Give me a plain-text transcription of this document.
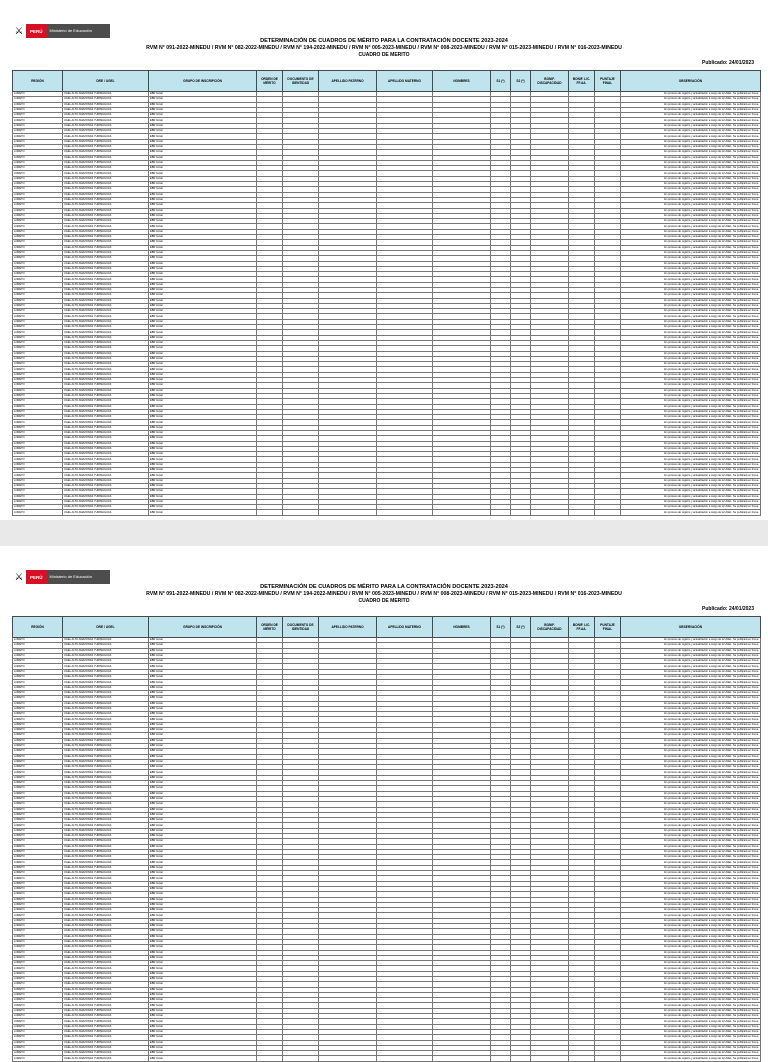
⚔	PERÚ	Ministerio de Educación
DETERMINACIÓN DE CUADROS DE MÉRITO PARA LA CONTRATACIÓN DOCENTE 2023-2024
RVM N° 091-2022-MINEDU / RVM N° 082-2022-MINEDU / RVM N° 194-2022-MINEDU / RVM N° 005-2023-MINEDU / RVM N° 008-2023-MINEDU / RVM N° 015-2023-MINEDU / RVM N° 016-2023-MINEDU
CUADRO DE MERITO
Publicado: 24/01/2023
REGIÓN	DRE / UGEL	GRUPO DE INSCRIPCIÓN	ORDEN DE MÉRITO	DOCUMENTO DE IDENTIDAD	APELLIDO PATERNO	APELLIDO MATERNO	NOMBRES	S1 (*)	S2 (*)	BONIF. DISCAPACIDAD	BONIF. LIC. FF.AA.	PUNTAJE FINAL	OBSERVACIÓN
LORETO	UGEL ALTO AMAZONAS YURIMAGUAS	EBR Inicial											En proceso de registro y actualización a cargo de la UGEL. Se publicará en breve.
LORETO	UGEL ALTO AMAZONAS YURIMAGUAS	EBR Inicial											En proceso de registro y actualización a cargo de la UGEL. Se publicará en breve.
LORETO	UGEL ALTO AMAZONAS YURIMAGUAS	EBR Inicial											En proceso de registro y actualización a cargo de la UGEL. Se publicará en breve.
LORETO	UGEL ALTO AMAZONAS YURIMAGUAS	EBR Inicial											En proceso de registro y actualización a cargo de la UGEL. Se publicará en breve.
LORETO	UGEL ALTO AMAZONAS YURIMAGUAS	EBR Inicial											En proceso de registro y actualización a cargo de la UGEL. Se publicará en breve.
LORETO	UGEL ALTO AMAZONAS YURIMAGUAS	EBR Inicial											En proceso de registro y actualización a cargo de la UGEL. Se publicará en breve.
LORETO	UGEL ALTO AMAZONAS YURIMAGUAS	EBR Inicial											En proceso de registro y actualización a cargo de la UGEL. Se publicará en breve.
LORETO	UGEL ALTO AMAZONAS YURIMAGUAS	EBR Inicial											En proceso de registro y actualización a cargo de la UGEL. Se publicará en breve.
LORETO	UGEL ALTO AMAZONAS YURIMAGUAS	EBR Inicial											En proceso de registro y actualización a cargo de la UGEL. Se publicará en breve.
LORETO	UGEL ALTO AMAZONAS YURIMAGUAS	EBR Inicial											En proceso de registro y actualización a cargo de la UGEL. Se publicará en breve.
LORETO	UGEL ALTO AMAZONAS YURIMAGUAS	EBR Inicial											En proceso de registro y actualización a cargo de la UGEL. Se publicará en breve.
LORETO	UGEL ALTO AMAZONAS YURIMAGUAS	EBR Inicial											En proceso de registro y actualización a cargo de la UGEL. Se publicará en breve.
LORETO	UGEL ALTO AMAZONAS YURIMAGUAS	EBR Inicial											En proceso de registro y actualización a cargo de la UGEL. Se publicará en breve.
LORETO	UGEL ALTO AMAZONAS YURIMAGUAS	EBR Inicial											En proceso de registro y actualización a cargo de la UGEL. Se publicará en breve.
LORETO	UGEL ALTO AMAZONAS YURIMAGUAS	EBR Inicial											En proceso de registro y actualización a cargo de la UGEL. Se publicará en breve.
LORETO	UGEL ALTO AMAZONAS YURIMAGUAS	EBR Inicial											En proceso de registro y actualización a cargo de la UGEL. Se publicará en breve.
LORETO	UGEL ALTO AMAZONAS YURIMAGUAS	EBR Inicial											En proceso de registro y actualización a cargo de la UGEL. Se publicará en breve.
LORETO	UGEL ALTO AMAZONAS YURIMAGUAS	EBR Inicial											En proceso de registro y actualización a cargo de la UGEL. Se publicará en breve.
LORETO	UGEL ALTO AMAZONAS YURIMAGUAS	EBR Inicial											En proceso de registro y actualización a cargo de la UGEL. Se publicará en breve.
LORETO	UGEL ALTO AMAZONAS YURIMAGUAS	EBR Inicial											En proceso de registro y actualización a cargo de la UGEL. Se publicará en breve.
LORETO	UGEL ALTO AMAZONAS YURIMAGUAS	EBR Inicial											En proceso de registro y actualización a cargo de la UGEL. Se publicará en breve.
LORETO	UGEL ALTO AMAZONAS YURIMAGUAS	EBR Inicial											En proceso de registro y actualización a cargo de la UGEL. Se publicará en breve.
LORETO	UGEL ALTO AMAZONAS YURIMAGUAS	EBR Inicial											En proceso de registro y actualización a cargo de la UGEL. Se publicará en breve.
LORETO	UGEL ALTO AMAZONAS YURIMAGUAS	EBR Inicial											En proceso de registro y actualización a cargo de la UGEL. Se publicará en breve.
LORETO	UGEL ALTO AMAZONAS YURIMAGUAS	EBR Inicial											En proceso de registro y actualización a cargo de la UGEL. Se publicará en breve.
LORETO	UGEL ALTO AMAZONAS YURIMAGUAS	EBR Inicial											En proceso de registro y actualización a cargo de la UGEL. Se publicará en breve.
LORETO	UGEL ALTO AMAZONAS YURIMAGUAS	EBR Inicial											En proceso de registro y actualización a cargo de la UGEL. Se publicará en breve.
LORETO	UGEL ALTO AMAZONAS YURIMAGUAS	EBR Inicial											En proceso de registro y actualización a cargo de la UGEL. Se publicará en breve.
LORETO	UGEL ALTO AMAZONAS YURIMAGUAS	EBR Inicial											En proceso de registro y actualización a cargo de la UGEL. Se publicará en breve.
LORETO	UGEL ALTO AMAZONAS YURIMAGUAS	EBR Inicial											En proceso de registro y actualización a cargo de la UGEL. Se publicará en breve.
LORETO	UGEL ALTO AMAZONAS YURIMAGUAS	EBR Inicial											En proceso de registro y actualización a cargo de la UGEL. Se publicará en breve.
LORETO	UGEL ALTO AMAZONAS YURIMAGUAS	EBR Inicial											En proceso de registro y actualización a cargo de la UGEL. Se publicará en breve.
LORETO	UGEL ALTO AMAZONAS YURIMAGUAS	EBR Inicial											En proceso de registro y actualización a cargo de la UGEL. Se publicará en breve.
LORETO	UGEL ALTO AMAZONAS YURIMAGUAS	EBR Inicial											En proceso de registro y actualización a cargo de la UGEL. Se publicará en breve.
LORETO	UGEL ALTO AMAZONAS YURIMAGUAS	EBR Inicial											En proceso de registro y actualización a cargo de la UGEL. Se publicará en breve.
LORETO	UGEL ALTO AMAZONAS YURIMAGUAS	EBR Inicial											En proceso de registro y actualización a cargo de la UGEL. Se publicará en breve.
LORETO	UGEL ALTO AMAZONAS YURIMAGUAS	EBR Inicial											En proceso de registro y actualización a cargo de la UGEL. Se publicará en breve.
LORETO	UGEL ALTO AMAZONAS YURIMAGUAS	EBR Inicial											En proceso de registro y actualización a cargo de la UGEL. Se publicará en breve.
LORETO	UGEL ALTO AMAZONAS YURIMAGUAS	EBR Inicial											En proceso de registro y actualización a cargo de la UGEL. Se publicará en breve.
LORETO	UGEL ALTO AMAZONAS YURIMAGUAS	EBR Inicial											En proceso de registro y actualización a cargo de la UGEL. Se publicará en breve.
LORETO	UGEL ALTO AMAZONAS YURIMAGUAS	EBR Inicial											En proceso de registro y actualización a cargo de la UGEL. Se publicará en breve.
LORETO	UGEL ALTO AMAZONAS YURIMAGUAS	EBR Inicial											En proceso de registro y actualización a cargo de la UGEL. Se publicará en breve.
LORETO	UGEL ALTO AMAZONAS YURIMAGUAS	EBR Inicial											En proceso de registro y actualización a cargo de la UGEL. Se publicará en breve.
LORETO	UGEL ALTO AMAZONAS YURIMAGUAS	EBR Inicial											En proceso de registro y actualización a cargo de la UGEL. Se publicará en breve.
LORETO	UGEL ALTO AMAZONAS YURIMAGUAS	EBR Inicial											En proceso de registro y actualización a cargo de la UGEL. Se publicará en breve.
LORETO	UGEL ALTO AMAZONAS YURIMAGUAS	EBR Inicial											En proceso de registro y actualización a cargo de la UGEL. Se publicará en breve.
LORETO	UGEL ALTO AMAZONAS YURIMAGUAS	EBR Inicial											En proceso de registro y actualización a cargo de la UGEL. Se publicará en breve.
LORETO	UGEL ALTO AMAZONAS YURIMAGUAS	EBR Inicial											En proceso de registro y actualización a cargo de la UGEL. Se publicará en breve.
LORETO	UGEL ALTO AMAZONAS YURIMAGUAS	EBR Inicial											En proceso de registro y actualización a cargo de la UGEL. Se publicará en breve.
LORETO	UGEL ALTO AMAZONAS YURIMAGUAS	EBR Inicial											En proceso de registro y actualización a cargo de la UGEL. Se publicará en breve.
LORETO	UGEL ALTO AMAZONAS YURIMAGUAS	EBR Inicial											En proceso de registro y actualización a cargo de la UGEL. Se publicará en breve.
LORETO	UGEL ALTO AMAZONAS YURIMAGUAS	EBR Inicial											En proceso de registro y actualización a cargo de la UGEL. Se publicará en breve.
LORETO	UGEL ALTO AMAZONAS YURIMAGUAS	EBR Inicial											En proceso de registro y actualización a cargo de la UGEL. Se publicará en breve.
LORETO	UGEL ALTO AMAZONAS YURIMAGUAS	EBR Inicial											En proceso de registro y actualización a cargo de la UGEL. Se publicará en breve.
LORETO	UGEL ALTO AMAZONAS YURIMAGUAS	EBR Inicial											En proceso de registro y actualización a cargo de la UGEL. Se publicará en breve.
LORETO	UGEL ALTO AMAZONAS YURIMAGUAS	EBR Inicial											En proceso de registro y actualización a cargo de la UGEL. Se publicará en breve.
LORETO	UGEL ALTO AMAZONAS YURIMAGUAS	EBR Inicial											En proceso de registro y actualización a cargo de la UGEL. Se publicará en breve.
LORETO	UGEL ALTO AMAZONAS YURIMAGUAS	EBR Inicial											En proceso de registro y actualización a cargo de la UGEL. Se publicará en breve.
LORETO	UGEL ALTO AMAZONAS YURIMAGUAS	EBR Inicial											En proceso de registro y actualización a cargo de la UGEL. Se publicará en breve.
LORETO	UGEL ALTO AMAZONAS YURIMAGUAS	EBR Inicial											En proceso de registro y actualización a cargo de la UGEL. Se publicará en breve.
LORETO	UGEL ALTO AMAZONAS YURIMAGUAS	EBR Inicial											En proceso de registro y actualización a cargo de la UGEL. Se publicará en breve.
LORETO	UGEL ALTO AMAZONAS YURIMAGUAS	EBR Inicial											En proceso de registro y actualización a cargo de la UGEL. Se publicará en breve.
LORETO	UGEL ALTO AMAZONAS YURIMAGUAS	EBR Inicial											En proceso de registro y actualización a cargo de la UGEL. Se publicará en breve.
LORETO	UGEL ALTO AMAZONAS YURIMAGUAS	EBR Inicial											En proceso de registro y actualización a cargo de la UGEL. Se publicará en breve.
LORETO	UGEL ALTO AMAZONAS YURIMAGUAS	EBR Inicial											En proceso de registro y actualización a cargo de la UGEL. Se publicará en breve.
LORETO	UGEL ALTO AMAZONAS YURIMAGUAS	EBR Inicial											En proceso de registro y actualización a cargo de la UGEL. Se publicará en breve.
LORETO	UGEL ALTO AMAZONAS YURIMAGUAS	EBR Inicial											En proceso de registro y actualización a cargo de la UGEL. Se publicará en breve.
LORETO	UGEL ALTO AMAZONAS YURIMAGUAS	EBR Inicial											En proceso de registro y actualización a cargo de la UGEL. Se publicará en breve.
LORETO	UGEL ALTO AMAZONAS YURIMAGUAS	EBR Inicial											En proceso de registro y actualización a cargo de la UGEL. Se publicará en breve.
LORETO	UGEL ALTO AMAZONAS YURIMAGUAS	EBR Inicial											En proceso de registro y actualización a cargo de la UGEL. Se publicará en breve.
LORETO	UGEL ALTO AMAZONAS YURIMAGUAS	EBR Inicial											En proceso de registro y actualización a cargo de la UGEL. Se publicará en breve.
LORETO	UGEL ALTO AMAZONAS YURIMAGUAS	EBR Inicial											En proceso de registro y actualización a cargo de la UGEL. Se publicará en breve.
LORETO	UGEL ALTO AMAZONAS YURIMAGUAS	EBR Inicial											En proceso de registro y actualización a cargo de la UGEL. Se publicará en breve.
LORETO	UGEL ALTO AMAZONAS YURIMAGUAS	EBR Inicial											En proceso de registro y actualización a cargo de la UGEL. Se publicará en breve.
LORETO	UGEL ALTO AMAZONAS YURIMAGUAS	EBR Inicial											En proceso de registro y actualización a cargo de la UGEL. Se publicará en breve.
LORETO	UGEL ALTO AMAZONAS YURIMAGUAS	EBR Inicial											En proceso de registro y actualización a cargo de la UGEL. Se publicará en breve.
LORETO	UGEL ALTO AMAZONAS YURIMAGUAS	EBR Inicial											En proceso de registro y actualización a cargo de la UGEL. Se publicará en breve.
LORETO	UGEL ALTO AMAZONAS YURIMAGUAS	EBR Inicial											En proceso de registro y actualización a cargo de la UGEL. Se publicará en breve.
LORETO	UGEL ALTO AMAZONAS YURIMAGUAS	EBR Inicial											En proceso de registro y actualización a cargo de la UGEL. Se publicará en breve.
LORETO	UGEL ALTO AMAZONAS YURIMAGUAS	EBR Inicial											En proceso de registro y actualización a cargo de la UGEL. Se publicará en breve.

⚔	PERÚ	Ministerio de Educación
DETERMINACIÓN DE CUADROS DE MÉRITO PARA LA CONTRATACIÓN DOCENTE 2023-2024
RVM N° 091-2022-MINEDU / RVM N° 082-2022-MINEDU / RVM N° 194-2022-MINEDU / RVM N° 005-2023-MINEDU / RVM N° 008-2023-MINEDU / RVM N° 015-2023-MINEDU / RVM N° 016-2023-MINEDU
CUADRO DE MERITO
Publicado: 24/01/2023
REGIÓN	DRE / UGEL	GRUPO DE INSCRIPCIÓN	ORDEN DE MÉRITO	DOCUMENTO DE IDENTIDAD	APELLIDO PATERNO	APELLIDO MATERNO	NOMBRES	S1 (*)	S2 (*)	BONIF. DISCAPACIDAD	BONIF. LIC. FF.AA.	PUNTAJE FINAL	OBSERVACIÓN
LORETO	UGEL ALTO AMAZONAS YURIMAGUAS	EBR Inicial											En proceso de registro y actualización a cargo de la UGEL. Se publicará en breve.
LORETO	UGEL ALTO AMAZONAS YURIMAGUAS	EBR Inicial											En proceso de registro y actualización a cargo de la UGEL. Se publicará en breve.
LORETO	UGEL ALTO AMAZONAS YURIMAGUAS	EBR Inicial											En proceso de registro y actualización a cargo de la UGEL. Se publicará en breve.
LORETO	UGEL ALTO AMAZONAS YURIMAGUAS	EBR Inicial											En proceso de registro y actualización a cargo de la UGEL. Se publicará en breve.
LORETO	UGEL ALTO AMAZONAS YURIMAGUAS	EBR Inicial											En proceso de registro y actualización a cargo de la UGEL. Se publicará en breve.
LORETO	UGEL ALTO AMAZONAS YURIMAGUAS	EBR Inicial											En proceso de registro y actualización a cargo de la UGEL. Se publicará en breve.
LORETO	UGEL ALTO AMAZONAS YURIMAGUAS	EBR Inicial											En proceso de registro y actualización a cargo de la UGEL. Se publicará en breve.
LORETO	UGEL ALTO AMAZONAS YURIMAGUAS	EBR Inicial											En proceso de registro y actualización a cargo de la UGEL. Se publicará en breve.
LORETO	UGEL ALTO AMAZONAS YURIMAGUAS	EBR Inicial											En proceso de registro y actualización a cargo de la UGEL. Se publicará en breve.
LORETO	UGEL ALTO AMAZONAS YURIMAGUAS	EBR Inicial											En proceso de registro y actualización a cargo de la UGEL. Se publicará en breve.
LORETO	UGEL ALTO AMAZONAS YURIMAGUAS	EBR Inicial											En proceso de registro y actualización a cargo de la UGEL. Se publicará en breve.
LORETO	UGEL ALTO AMAZONAS YURIMAGUAS	EBR Inicial											En proceso de registro y actualización a cargo de la UGEL. Se publicará en breve.
LORETO	UGEL ALTO AMAZONAS YURIMAGUAS	EBR Inicial											En proceso de registro y actualización a cargo de la UGEL. Se publicará en breve.
LORETO	UGEL ALTO AMAZONAS YURIMAGUAS	EBR Inicial											En proceso de registro y actualización a cargo de la UGEL. Se publicará en breve.
LORETO	UGEL ALTO AMAZONAS YURIMAGUAS	EBR Inicial											En proceso de registro y actualización a cargo de la UGEL. Se publicará en breve.
LORETO	UGEL ALTO AMAZONAS YURIMAGUAS	EBR Inicial											En proceso de registro y actualización a cargo de la UGEL. Se publicará en breve.
LORETO	UGEL ALTO AMAZONAS YURIMAGUAS	EBR Inicial											En proceso de registro y actualización a cargo de la UGEL. Se publicará en breve.
LORETO	UGEL ALTO AMAZONAS YURIMAGUAS	EBR Inicial											En proceso de registro y actualización a cargo de la UGEL. Se publicará en breve.
LORETO	UGEL ALTO AMAZONAS YURIMAGUAS	EBR Inicial											En proceso de registro y actualización a cargo de la UGEL. Se publicará en breve.
LORETO	UGEL ALTO AMAZONAS YURIMAGUAS	EBR Inicial											En proceso de registro y actualización a cargo de la UGEL. Se publicará en breve.
LORETO	UGEL ALTO AMAZONAS YURIMAGUAS	EBR Inicial											En proceso de registro y actualización a cargo de la UGEL. Se publicará en breve.
LORETO	UGEL ALTO AMAZONAS YURIMAGUAS	EBR Inicial											En proceso de registro y actualización a cargo de la UGEL. Se publicará en breve.
LORETO	UGEL ALTO AMAZONAS YURIMAGUAS	EBR Inicial											En proceso de registro y actualización a cargo de la UGEL. Se publicará en breve.
LORETO	UGEL ALTO AMAZONAS YURIMAGUAS	EBR Inicial											En proceso de registro y actualización a cargo de la UGEL. Se publicará en breve.
LORETO	UGEL ALTO AMAZONAS YURIMAGUAS	EBR Inicial											En proceso de registro y actualización a cargo de la UGEL. Se publicará en breve.
LORETO	UGEL ALTO AMAZONAS YURIMAGUAS	EBR Inicial											En proceso de registro y actualización a cargo de la UGEL. Se publicará en breve.
LORETO	UGEL ALTO AMAZONAS YURIMAGUAS	EBR Inicial											En proceso de registro y actualización a cargo de la UGEL. Se publicará en breve.
LORETO	UGEL ALTO AMAZONAS YURIMAGUAS	EBR Inicial											En proceso de registro y actualización a cargo de la UGEL. Se publicará en breve.
LORETO	UGEL ALTO AMAZONAS YURIMAGUAS	EBR Inicial											En proceso de registro y actualización a cargo de la UGEL. Se publicará en breve.
LORETO	UGEL ALTO AMAZONAS YURIMAGUAS	EBR Inicial											En proceso de registro y actualización a cargo de la UGEL. Se publicará en breve.
LORETO	UGEL ALTO AMAZONAS YURIMAGUAS	EBR Inicial											En proceso de registro y actualización a cargo de la UGEL. Se publicará en breve.
LORETO	UGEL ALTO AMAZONAS YURIMAGUAS	EBR Inicial											En proceso de registro y actualización a cargo de la UGEL. Se publicará en breve.
LORETO	UGEL ALTO AMAZONAS YURIMAGUAS	EBR Inicial											En proceso de registro y actualización a cargo de la UGEL. Se publicará en breve.
LORETO	UGEL ALTO AMAZONAS YURIMAGUAS	EBR Inicial											En proceso de registro y actualización a cargo de la UGEL. Se publicará en breve.
LORETO	UGEL ALTO AMAZONAS YURIMAGUAS	EBR Inicial											En proceso de registro y actualización a cargo de la UGEL. Se publicará en breve.
LORETO	UGEL ALTO AMAZONAS YURIMAGUAS	EBR Inicial											En proceso de registro y actualización a cargo de la UGEL. Se publicará en breve.
LORETO	UGEL ALTO AMAZONAS YURIMAGUAS	EBR Inicial											En proceso de registro y actualización a cargo de la UGEL. Se publicará en breve.
LORETO	UGEL ALTO AMAZONAS YURIMAGUAS	EBR Inicial											En proceso de registro y actualización a cargo de la UGEL. Se publicará en breve.
LORETO	UGEL ALTO AMAZONAS YURIMAGUAS	EBR Inicial											En proceso de registro y actualización a cargo de la UGEL. Se publicará en breve.
LORETO	UGEL ALTO AMAZONAS YURIMAGUAS	EBR Inicial											En proceso de registro y actualización a cargo de la UGEL. Se publicará en breve.
LORETO	UGEL ALTO AMAZONAS YURIMAGUAS	EBR Inicial											En proceso de registro y actualización a cargo de la UGEL. Se publicará en breve.
LORETO	UGEL ALTO AMAZONAS YURIMAGUAS	EBR Inicial											En proceso de registro y actualización a cargo de la UGEL. Se publicará en breve.
LORETO	UGEL ALTO AMAZONAS YURIMAGUAS	EBR Inicial											En proceso de registro y actualización a cargo de la UGEL. Se publicará en breve.
LORETO	UGEL ALTO AMAZONAS YURIMAGUAS	EBR Inicial											En proceso de registro y actualización a cargo de la UGEL. Se publicará en breve.
LORETO	UGEL ALTO AMAZONAS YURIMAGUAS	EBR Inicial											En proceso de registro y actualización a cargo de la UGEL. Se publicará en breve.
LORETO	UGEL ALTO AMAZONAS YURIMAGUAS	EBR Inicial											En proceso de registro y actualización a cargo de la UGEL. Se publicará en breve.
LORETO	UGEL ALTO AMAZONAS YURIMAGUAS	EBR Inicial											En proceso de registro y actualización a cargo de la UGEL. Se publicará en breve.
LORETO	UGEL ALTO AMAZONAS YURIMAGUAS	EBR Inicial											En proceso de registro y actualización a cargo de la UGEL. Se publicará en breve.
LORETO	UGEL ALTO AMAZONAS YURIMAGUAS	EBR Inicial											En proceso de registro y actualización a cargo de la UGEL. Se publicará en breve.
LORETO	UGEL ALTO AMAZONAS YURIMAGUAS	EBR Inicial											En proceso de registro y actualización a cargo de la UGEL. Se publicará en breve.
LORETO	UGEL ALTO AMAZONAS YURIMAGUAS	EBR Inicial											En proceso de registro y actualización a cargo de la UGEL. Se publicará en breve.
LORETO	UGEL ALTO AMAZONAS YURIMAGUAS	EBR Inicial											En proceso de registro y actualización a cargo de la UGEL. Se publicará en breve.
LORETO	UGEL ALTO AMAZONAS YURIMAGUAS	EBR Inicial											En proceso de registro y actualización a cargo de la UGEL. Se publicará en breve.
LORETO	UGEL ALTO AMAZONAS YURIMAGUAS	EBR Inicial											En proceso de registro y actualización a cargo de la UGEL. Se publicará en breve.
LORETO	UGEL ALTO AMAZONAS YURIMAGUAS	EBR Inicial											En proceso de registro y actualización a cargo de la UGEL. Se publicará en breve.
LORETO	UGEL ALTO AMAZONAS YURIMAGUAS	EBR Inicial											En proceso de registro y actualización a cargo de la UGEL. Se publicará en breve.
LORETO	UGEL ALTO AMAZONAS YURIMAGUAS	EBR Inicial											En proceso de registro y actualización a cargo de la UGEL. Se publicará en breve.
LORETO	UGEL ALTO AMAZONAS YURIMAGUAS	EBR Inicial											En proceso de registro y actualización a cargo de la UGEL. Se publicará en breve.
LORETO	UGEL ALTO AMAZONAS YURIMAGUAS	EBR Inicial											En proceso de registro y actualización a cargo de la UGEL. Se publicará en breve.
LORETO	UGEL ALTO AMAZONAS YURIMAGUAS	EBR Inicial											En proceso de registro y actualización a cargo de la UGEL. Se publicará en breve.
LORETO	UGEL ALTO AMAZONAS YURIMAGUAS	EBR Inicial											En proceso de registro y actualización a cargo de la UGEL. Se publicará en breve.
LORETO	UGEL ALTO AMAZONAS YURIMAGUAS	EBR Inicial											En proceso de registro y actualización a cargo de la UGEL. Se publicará en breve.
LORETO	UGEL ALTO AMAZONAS YURIMAGUAS	EBR Inicial											En proceso de registro y actualización a cargo de la UGEL. Se publicará en breve.
LORETO	UGEL ALTO AMAZONAS YURIMAGUAS	EBR Inicial											En proceso de registro y actualización a cargo de la UGEL. Se publicará en breve.
LORETO	UGEL ALTO AMAZONAS YURIMAGUAS	EBR Inicial											En proceso de registro y actualización a cargo de la UGEL. Se publicará en breve.
LORETO	UGEL ALTO AMAZONAS YURIMAGUAS	EBR Inicial											En proceso de registro y actualización a cargo de la UGEL. Se publicará en breve.
LORETO	UGEL ALTO AMAZONAS YURIMAGUAS	EBR Inicial											En proceso de registro y actualización a cargo de la UGEL. Se publicará en breve.
LORETO	UGEL ALTO AMAZONAS YURIMAGUAS	EBR Inicial											En proceso de registro y actualización a cargo de la UGEL. Se publicará en breve.
LORETO	UGEL ALTO AMAZONAS YURIMAGUAS	EBR Inicial											En proceso de registro y actualización a cargo de la UGEL. Se publicará en breve.
LORETO	UGEL ALTO AMAZONAS YURIMAGUAS	EBR Inicial											En proceso de registro y actualización a cargo de la UGEL. Se publicará en breve.
LORETO	UGEL ALTO AMAZONAS YURIMAGUAS	EBR Inicial											En proceso de registro y actualización a cargo de la UGEL. Se publicará en breve.
LORETO	UGEL ALTO AMAZONAS YURIMAGUAS	EBR Inicial											En proceso de registro y actualización a cargo de la UGEL. Se publicará en breve.
LORETO	UGEL ALTO AMAZONAS YURIMAGUAS	EBR Inicial											En proceso de registro y actualización a cargo de la UGEL. Se publicará en breve.
LORETO	UGEL ALTO AMAZONAS YURIMAGUAS	EBR Inicial											En proceso de registro y actualización a cargo de la UGEL. Se publicará en breve.
LORETO	UGEL ALTO AMAZONAS YURIMAGUAS	EBR Inicial											En proceso de registro y actualización a cargo de la UGEL. Se publicará en breve.
LORETO	UGEL ALTO AMAZONAS YURIMAGUAS	EBR Inicial											En proceso de registro y actualización a cargo de la UGEL. Se publicará en breve.
LORETO	UGEL ALTO AMAZONAS YURIMAGUAS	EBR Inicial											En proceso de registro y actualización a cargo de la UGEL. Se publicará en breve.
LORETO	UGEL ALTO AMAZONAS YURIMAGUAS	EBR Inicial											En proceso de registro y actualización a cargo de la UGEL. Se publicará en breve.
LORETO	UGEL ALTO AMAZONAS YURIMAGUAS	EBR Inicial											En proceso de registro y actualización a cargo de la UGEL. Se publicará en breve.
LORETO	UGEL ALTO AMAZONAS YURIMAGUAS	EBR Inicial											En proceso de registro y actualización a cargo de la UGEL. Se publicará en breve.
